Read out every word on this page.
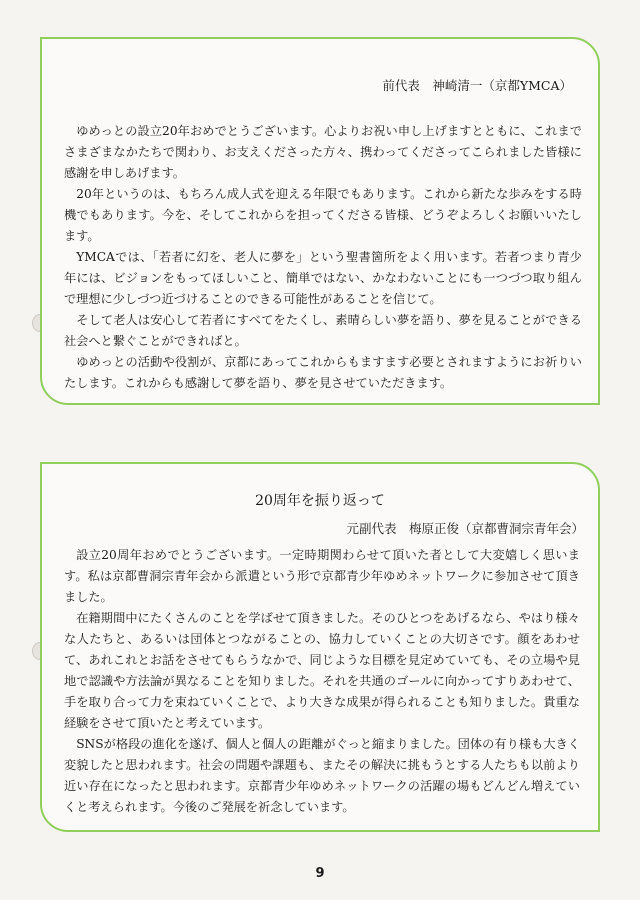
前代表　神崎清一（京都YMCA）

ゆめっとの設立20年おめでとうございます。心よりお祝い申し上げますとともに、これまでさまざまなかたちで関わり、お支えくださった方々、携わってくださってこられました皆様に感謝を申しあげます。

20年というのは、もちろん成人式を迎える年限でもあります。これから新たな歩みをする時機でもあります。今を、そしてこれからを担ってくださる皆様、どうぞよろしくお願いいたします。

YMCAでは、「若者に幻を、老人に夢を」という聖書箇所をよく用います。若者つまり青少年には、ビジョンをもってほしいこと、簡単ではない、かなわないことにも一つづつ取り組んで理想に少しづつ近づけることのできる可能性があることを信じて。

そして老人は安心して若者にすべてをたくし、素晴らしい夢を語り、夢を見ることができる社会へと繋ぐことができればと。

ゆめっとの活動や役割が、京都にあってこれからもますます必要とされますようにお祈りいたします。これからも感謝して夢を語り、夢を見させていただきます。

20周年を振り返って
元副代表　梅原正俊（京都曹洞宗青年会）

設立20周年おめでとうございます。一定時期関わらせて頂いた者として大変嬉しく思います。私は京都曹洞宗青年会から派遣という形で京都青少年ゆめネットワークに参加させて頂きました。

在籍期間中にたくさんのことを学ばせて頂きました。そのひとつをあげるなら、やはり様々な人たちと、あるいは団体とつながることの、協力していくことの大切さです。顔をあわせて、あれこれとお話をさせてもらうなかで、同じような目標を見定めていても、その立場や見地で認識や方法論が異なることを知りました。それを共通のゴールに向かってすりあわせて、手を取り合って力を束ねていくことで、より大きな成果が得られることも知りました。貴重な経験をさせて頂いたと考えています。

SNSが格段の進化を遂げ、個人と個人の距離がぐっと縮まりました。団体の有り様も大きく変貌したと思われます。社会の問題や課題も、またその解決に挑もうとする人たちも以前より近い存在になったと思われます。京都青少年ゆめネットワークの活躍の場もどんどん増えていくと考えられます。今後のご発展を祈念しています。

9
